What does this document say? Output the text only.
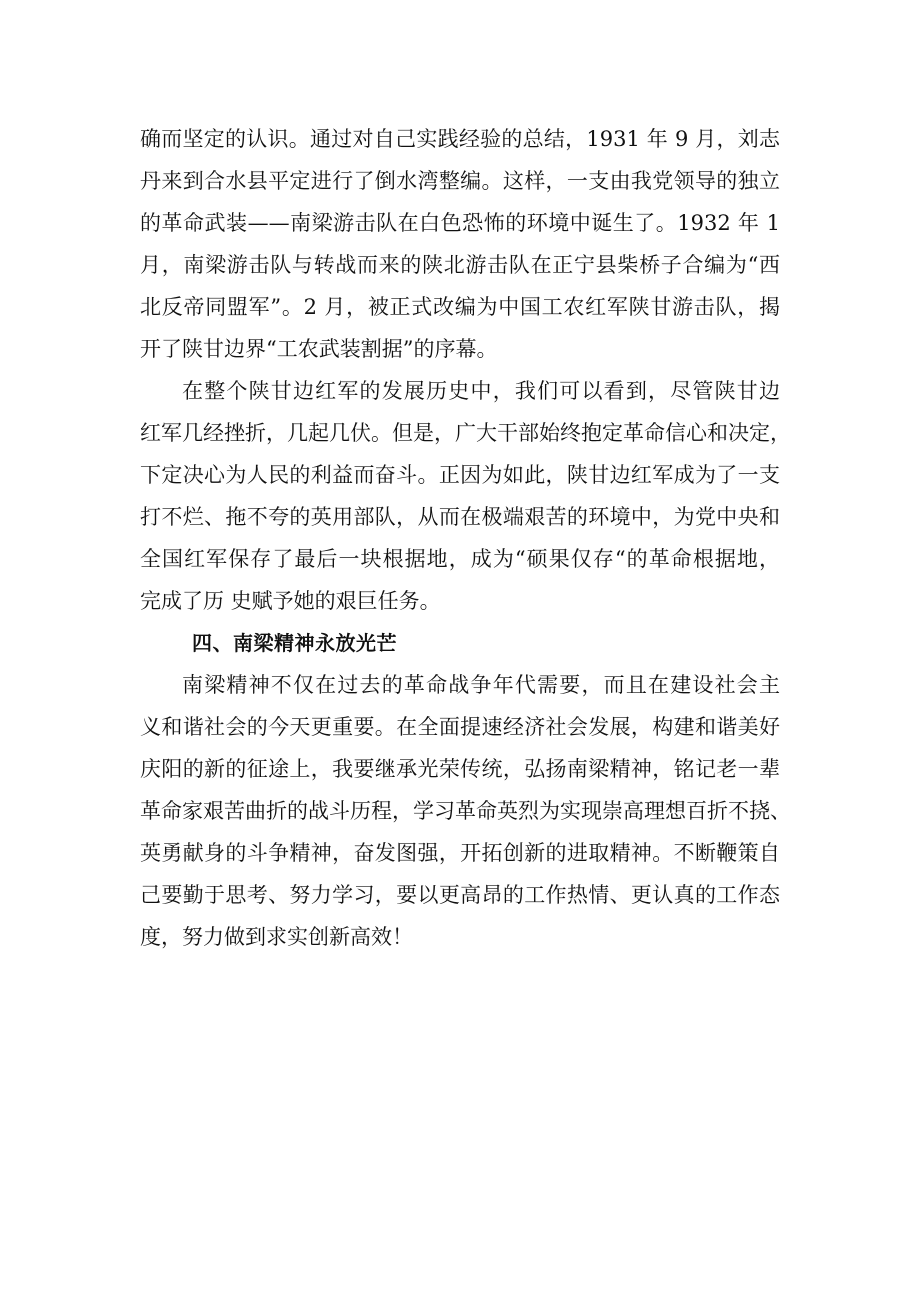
确而坚定的认识。通过对自己实践经验的总结，1931 年 9 月，刘志
丹来到合水县平定进行了倒水湾整编。这样，一支由我党领导的独立
的革命武装——南梁游击队在白色恐怖的环境中诞生了。1932 年 1
月，南梁游击队与转战而来的陕北游击队在正宁县柴桥子合编为“西
北反帝同盟军”。2 月，被正式改编为中国工农红军陕甘游击队，揭
开了陕甘边界“工农武装割据”的序幕。
在整个陕甘边红军的发展历史中，我们可以看到，尽管陕甘边
红军几经挫折，几起几伏。但是，广大干部始终抱定革命信心和决定，
下定决心为人民的利益而奋斗。正因为如此，陕甘边红军成为了一支
打不烂、拖不夸的英用部队，从而在极端艰苦的环境中，为党中央和
全国红军保存了最后一块根据地，成为“硕果仅存“的革命根据地，
完成了历 史赋予她的艰巨任务。
四、南梁精神永放光芒
南梁精神不仅在过去的革命战争年代需要，而且在建设社会主
义和谐社会的今天更重要。在全面提速经济社会发展，构建和谐美好
庆阳的新的征途上，我要继承光荣传统，弘扬南梁精神，铭记老一辈
革命家艰苦曲折的战斗历程，学习革命英烈为实现崇高理想百折不挠、
英勇献身的斗争精神，奋发图强，开拓创新的进取精神。不断鞭策自
己要勤于思考、努力学习，要以更高昂的工作热情、更认真的工作态
度，努力做到求实创新高效！
